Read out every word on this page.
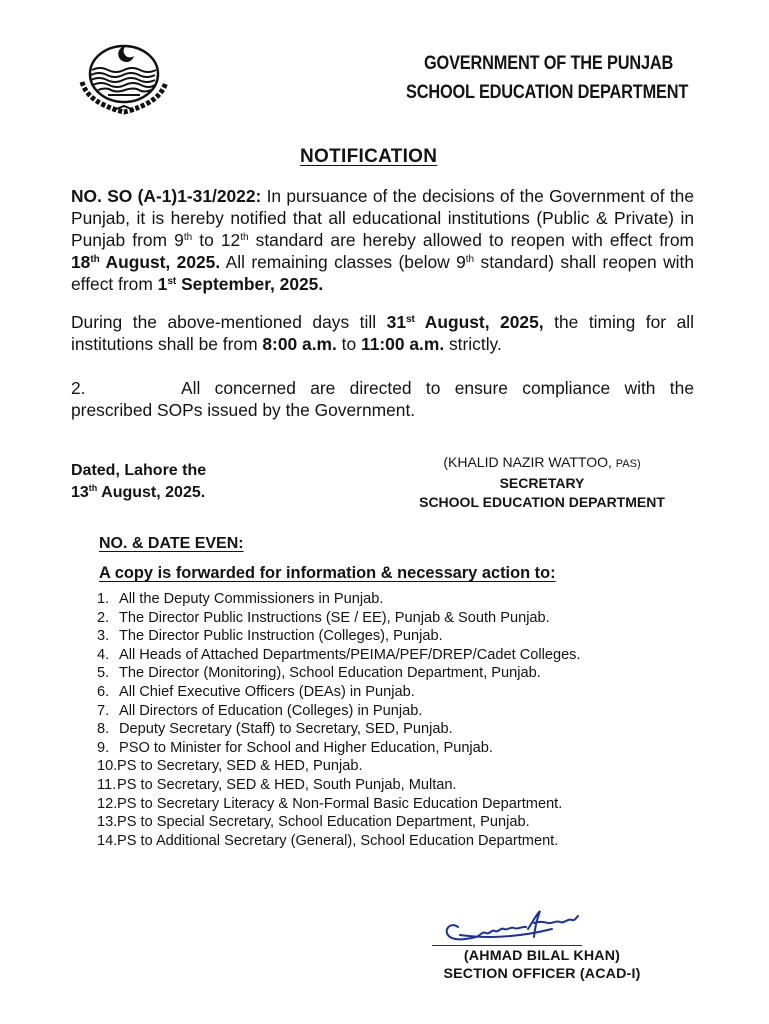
GOVERNMENT OF THE PUNJAB
SCHOOL EDUCATION DEPARTMENT
NOTIFICATION
NO. SO (A-1)1-31/2022: In pursuance of the decisions of the Government of the Punjab, it is hereby notified that all educational institutions (Public & Private) in Punjab from 9th to 12th standard are hereby allowed to reopen with effect from 18th August, 2025. All remaining classes (below 9th standard) shall reopen with effect from 1st September, 2025.
During the above-mentioned days till 31st August, 2025, the timing for all institutions shall be from 8:00 a.m. to 11:00 a.m. strictly.
2.	All concerned are directed to ensure compliance with the prescribed SOPs issued by the Government.
Dated, Lahore the
13th August, 2025.
(KHALID NAZIR WATTOO, PAS)
SECRETARY
SCHOOL EDUCATION DEPARTMENT
NO. & DATE EVEN:
A copy is forwarded for information & necessary action to:
1. All the Deputy Commissioners in Punjab.
2. The Director Public Instructions (SE / EE), Punjab & South Punjab.
3. The Director Public Instruction (Colleges), Punjab.
4. All Heads of Attached Departments/PEIMA/PEF/DREP/Cadet Colleges.
5. The Director (Monitoring), School Education Department, Punjab.
6. All Chief Executive Officers (DEAs) in Punjab.
7. All Directors of Education (Colleges) in Punjab.
8. Deputy Secretary (Staff) to Secretary, SED, Punjab.
9. PSO to Minister for School and Higher Education, Punjab.
10.PS to Secretary, SED & HED, Punjab.
11.PS to Secretary, SED & HED, South Punjab, Multan.
12.PS to Secretary Literacy & Non-Formal Basic Education Department.
13.PS to Special Secretary, School Education Department, Punjab.
14.PS to Additional Secretary (General), School Education Department.
(AHMAD BILAL KHAN)
SECTION OFFICER (ACAD-I)
